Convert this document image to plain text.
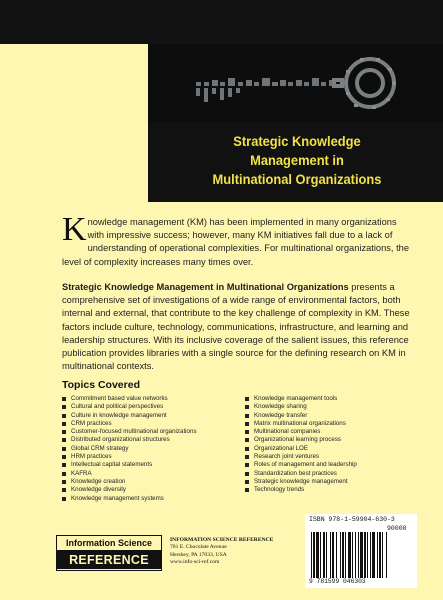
Strategic Knowledge
Management in
Multinational Organizations
Knowledge management (KM) has been implemented in many organizations with impressive success; however, many KM initiatives fall due to a lack of understanding of operational complexities. For multinational organizations, the level of complexity increases many times over.
Strategic Knowledge Management in Multinational Organizations presents a comprehensive set of investigations of a wide range of environmental factors, both internal and external, that contribute to the key challenge of complexity in KM. These factors include culture, technology, communications, infrastructure, and learning and leadership structures. With its inclusive coverage of the salient issues, this reference publication provides libraries with a single source for the defining research on KM in multinational contexts.
Topics Covered
Commitment based value networks
Cultural and political perspectives
Culture in knowledge management
CRM practices
Customer-focused multinational organizations
Distributed organizational structures
Global CRM strategy
HRM practices
Intellectual capital statements
KAFRA
Knowledge creation
Knowledge diversity
Knowledge management systems
Knowledge management tools
Knowledge sharing
Knowledge transfer
Matrix multinational organizations
Multinational companies
Organizational learning process
Organizational LOE
Research joint ventures
Roles of management and leadership
Standardization best practices
Strategic knowledge management
Technology trends
Information Science
REFERENCE
INFORMATION SCIENCE REFERENCE
701 E. Chocolate Avenue
Hershey, PA 17033, USA
www.info-sci-ref.com
ISBN 978-1-59904-630-3
90000
9 781599 046303
